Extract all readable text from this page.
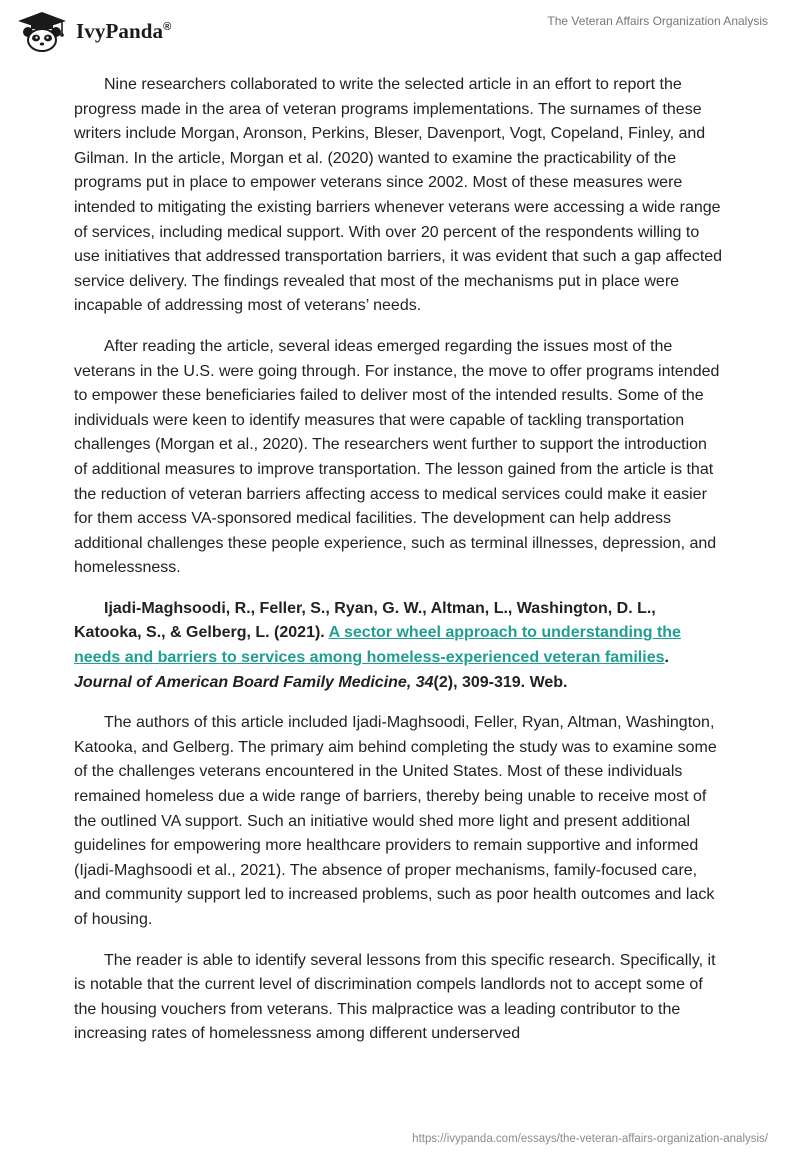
IvyPanda®	The Veteran Affairs Organization Analysis

Nine researchers collaborated to write the selected article in an effort to report the progress made in the area of veteran programs implementations. The surnames of these writers include Morgan, Aronson, Perkins, Bleser, Davenport, Vogt, Copeland, Finley, and Gilman. In the article, Morgan et al. (2020) wanted to examine the practicability of the programs put in place to empower veterans since 2002. Most of these measures were intended to mitigating the existing barriers whenever veterans were accessing a wide range of services, including medical support. With over 20 percent of the respondents willing to use initiatives that addressed transportation barriers, it was evident that such a gap affected service delivery. The findings revealed that most of the mechanisms put in place were incapable of addressing most of veterans’ needs.

After reading the article, several ideas emerged regarding the issues most of the veterans in the U.S. were going through. For instance, the move to offer programs intended to empower these beneficiaries failed to deliver most of the intended results. Some of the individuals were keen to identify measures that were capable of tackling transportation challenges (Morgan et al., 2020). The researchers went further to support the introduction of additional measures to improve transportation. The lesson gained from the article is that the reduction of veteran barriers affecting access to medical services could make it easier for them access VA-sponsored medical facilities. The development can help address additional challenges these people experience, such as terminal illnesses, depression, and homelessness.

Ijadi-Maghsoodi, R., Feller, S., Ryan, G. W., Altman, L., Washington, D. L., Katooka, S., & Gelberg, L. (2021). A sector wheel approach to understanding the needs and barriers to services among homeless-experienced veteran families. Journal of American Board Family Medicine, 34(2), 309-319. Web.

The authors of this article included Ijadi-Maghsoodi, Feller, Ryan, Altman, Washington, Katooka, and Gelberg. The primary aim behind completing the study was to examine some of the challenges veterans encountered in the United States. Most of these individuals remained homeless due a wide range of barriers, thereby being unable to receive most of the outlined VA support. Such an initiative would shed more light and present additional guidelines for empowering more healthcare providers to remain supportive and informed (Ijadi-Maghsoodi et al., 2021). The absence of proper mechanisms, family-focused care, and community support led to increased problems, such as poor health outcomes and lack of housing.

The reader is able to identify several lessons from this specific research. Specifically, it is notable that the current level of discrimination compels landlords not to accept some of the housing vouchers from veterans. This malpractice was a leading contributor to the increasing rates of homelessness among different underserved

https://ivypanda.com/essays/the-veteran-affairs-organization-analysis/
